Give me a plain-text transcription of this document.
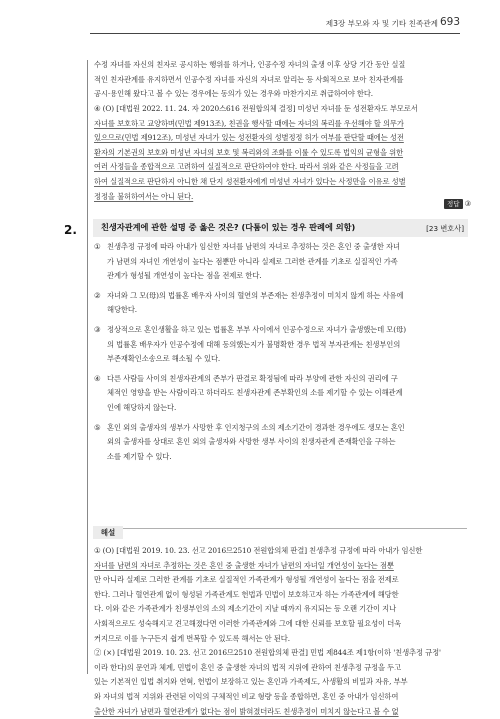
제3장 부모와 자 및 기타 친족관계 693

수정 자녀를 자신의 친자로 공시하는 행위를 하거나, 인공수정 자녀의 출생 이후 상당 기간 동안 실질

적인 친자관계를 유지하면서 인공수정 자녀를 자신의 자녀로 알리는 등 사회적으로 보아 친자관계를

공시·용인해 왔다고 볼 수 있는 경우에는 동의가 있는 경우와 마찬가지로 취급하여야 한다.

④ (O) [대법원 2022. 11. 24. 자 2020스616 전원합의체 결정] 미성년 자녀를 둔 성전환자도 부모로서

자녀를 보호하고 교양하며(민법 제913조), 친권을 행사할 때에는 자녀의 복리를 우선해야 할 의무가

있으므로(민법 제912조), 미성년 자녀가 있는 성전환자의 성별정정 허가 여부를 판단할 때에는 성전

환자의 기본권의 보호와 미성년 자녀의 보호 및 복리와의 조화를 이룰 수 있도록 법익의 균형을 위한

여러 사정들을 종합적으로 고려하여 실질적으로 판단하여야 한다. 따라서 위와 같은 사정들을 고려

하여 실질적으로 판단하지 아니한 채 단지 성전환자에게 미성년 자녀가 있다는 사정만을 이유로 성별

정정을 불허하여서는 아니 된다.

정답 ③
2.	친생자관계에 관한 설명 중 옳은 것은? (다툼이 있는 경우 판례에 의함)	[23 변호사]
① 친생추정 규정에 따라 아내가 임신한 자녀를 남편의 자녀로 추정하는 것은 혼인 중 출생한 자녀
가 남편의 자녀인 개연성이 높다는 점뿐만 아니라 실제로 그러한 관계를 기초로 실질적인 가족
관계가 형성될 개연성이 높다는 점을 전제로 한다.
② 자녀와 그 모(母)의 법률혼 배우자 사이의 혈연의 부존재는 친생추정이 미치지 않게 하는 사유에
해당한다.
③ 정상적으로 혼인생활을 하고 있는 법률혼 부부 사이에서 인공수정으로 자녀가 출생했는데 모(母)
의 법률혼 배우자가 인공수정에 대해 동의했는지가 불명확한 경우 법적 부자관계는 친생부인의
부존재확인소송으로 해소될 수 있다.
④ 다른 사람들 사이의 친생자관계의 존부가 판결로 확정됨에 따라 부양에 관한 자신의 권리에 구
체적인 영향을 받는 사람이라고 하더라도 친생자관계 존부확인의 소를 제기할 수 있는 이해관계
인에 해당하지 않는다.
⑤ 혼인 외의 출생자의 생부가 사망한 후 인지청구의 소의 제소기간이 경과한 경우에도 생모는 혼인
외의 출생자를 상대로 혼인 외의 출생자와 사망한 생부 사이의 친생자관계 존재확인을 구하는
소를 제기할 수 있다.
해설

① (O) [대법원 2019. 10. 23. 선고 2016므2510 전원합의체 판결] 친생추정 규정에 따라 아내가 임신한

자녀를 남편의 자녀로 추정하는 것은 혼인 중 출생한 자녀가 남편의 자녀일 개연성이 높다는 점뿐

만 아니라 실제로 그러한 관계를 기초로 실질적인 가족관계가 형성될 개연성이 높다는 점을 전제로

한다. 그러나 혈연관계 없이 형성된 가족관계도 헌법과 민법이 보호하고자 하는 가족관계에 해당한

다. 이와 같은 가족관계가 친생부인의 소의 제소기간이 지날 때까지 유지되는 등 오랜 기간이 지나

사회적으로도 성숙해지고 견고해졌다면 이러한 가족관계와 그에 대한 신뢰를 보호할 필요성이 더욱

커지므로 이를 누구든지 쉽게 번복할 수 있도록 해서는 안 된다.

② (×) [대법원 2019. 10. 23. 선고 2016므2510 전원합의체 판결] 민법 제844조 제1항(이하 '친생추정 규정'

이라 한다)의 문언과 체계, 민법이 혼인 중 출생한 자녀의 법적 지위에 관하여 친생추정 규정을 두고

있는 기본적인 입법 취지와 연혁, 헌법이 보장하고 있는 혼인과 가족제도, 사생활의 비밀과 자유, 부부

와 자녀의 법적 지위와 관련된 이익의 구체적인 비교 형량 등을 종합하면, 혼인 중 아내가 임신하여

출산한 자녀가 남편과 혈연관계가 없다는 점이 밝혀졌더라도 친생추정이 미치지 않는다고 볼 수 없
